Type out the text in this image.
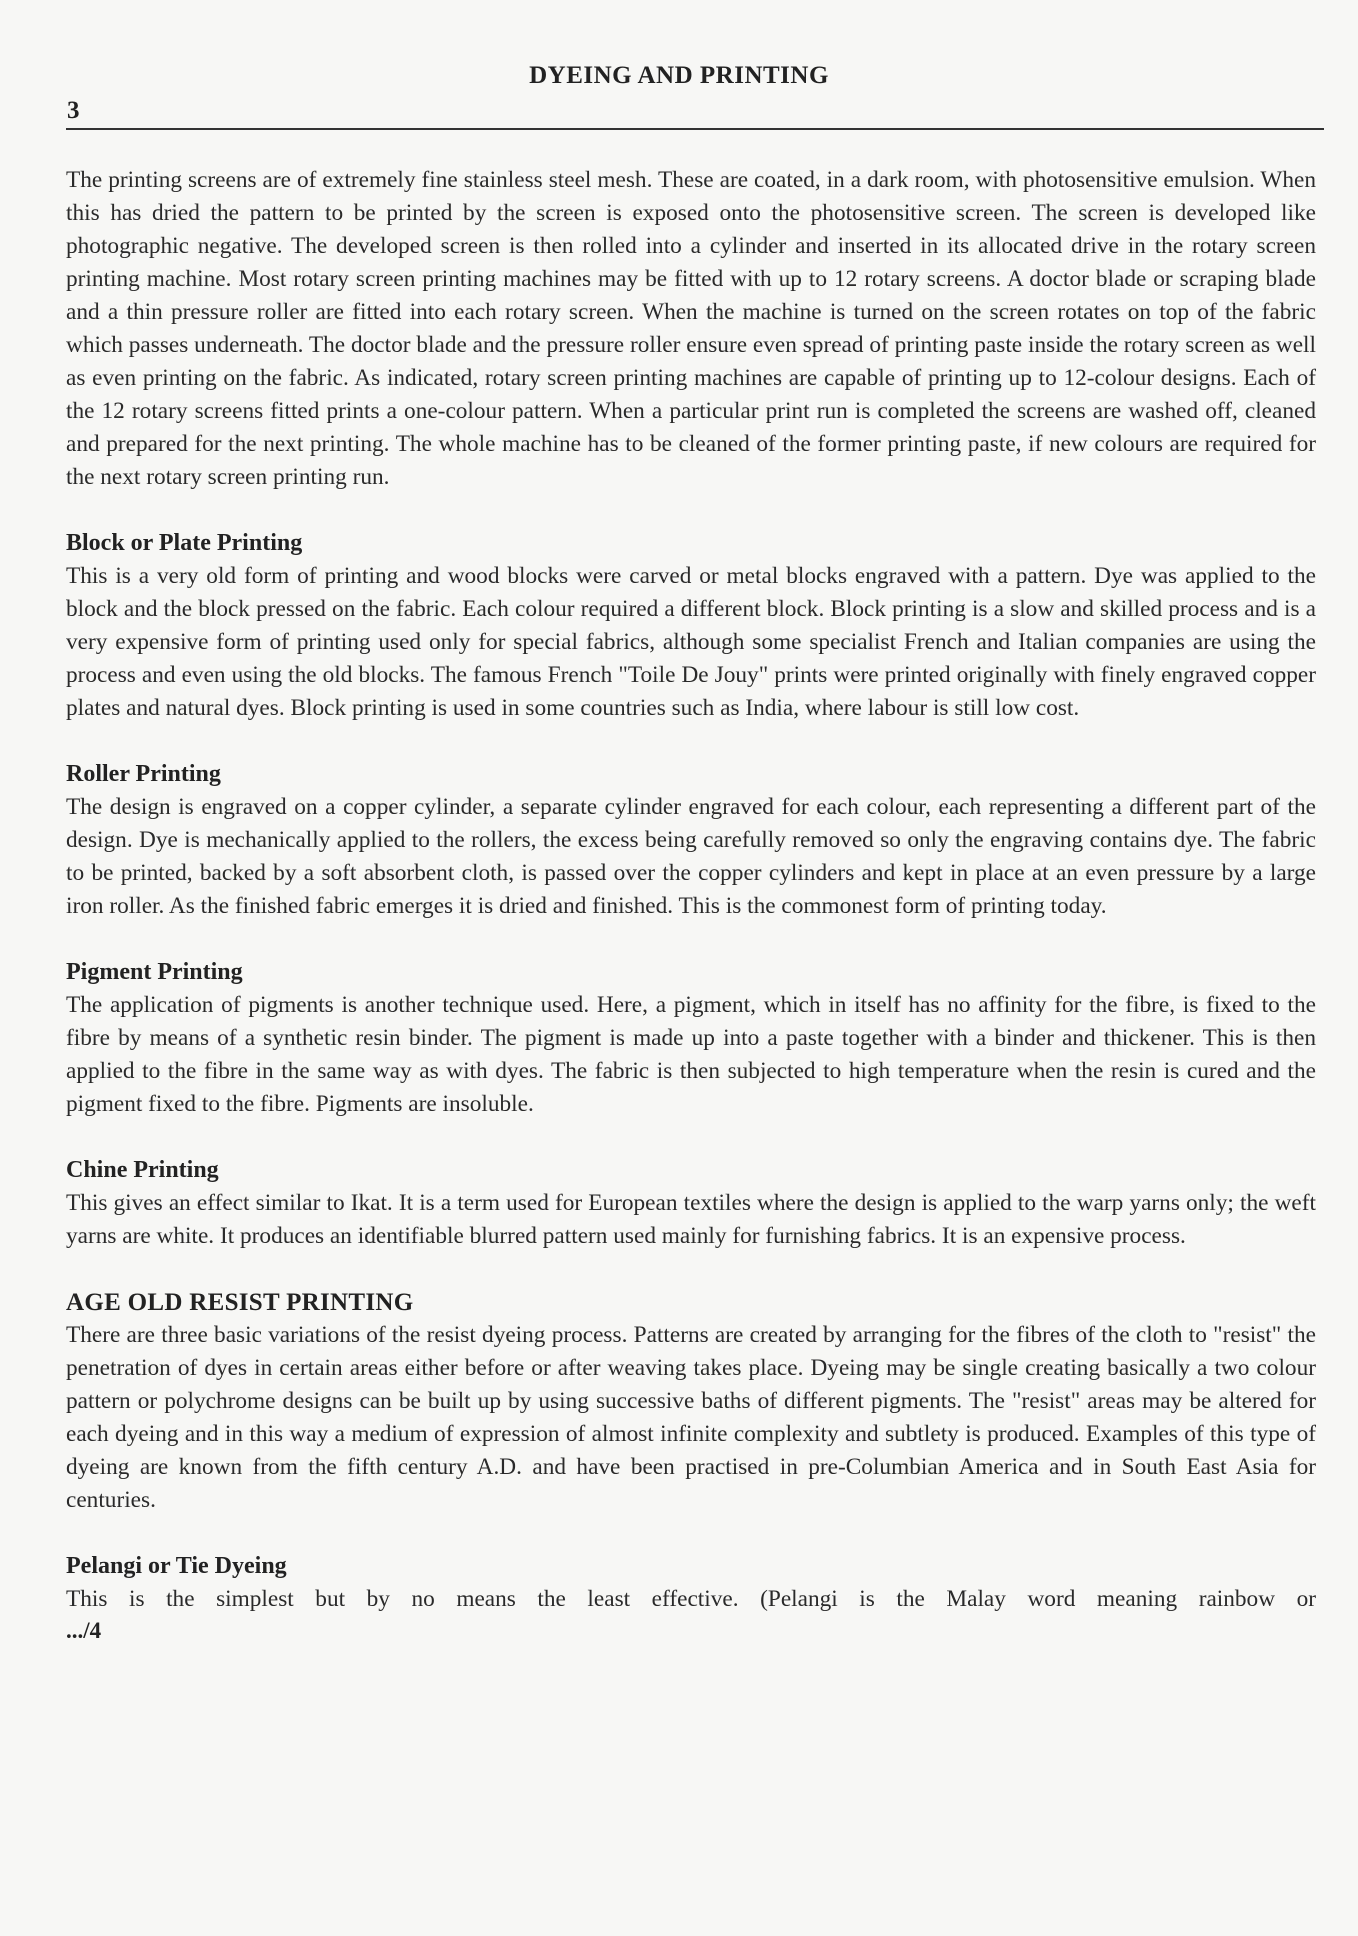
DYEING AND PRINTING
3

The printing screens are of extremely fine stainless steel mesh. These are coated, in a dark room, with photosensitive emulsion. When this has dried the pattern to be printed by the screen is exposed onto the photosensitive screen. The screen is developed like photographic negative. The developed screen is then rolled into a cylinder and inserted in its allocated drive in the rotary screen printing machine. Most rotary screen printing machines may be fitted with up to 12 rotary screens. A doctor blade or scraping blade and a thin pressure roller are fitted into each rotary screen. When the machine is turned on the screen rotates on top of the fabric which passes underneath. The doctor blade and the pressure roller ensure even spread of printing paste inside the rotary screen as well as even printing on the fabric. As indicated, rotary screen printing machines are capable of printing up to 12-colour designs. Each of the 12 rotary screens fitted prints a one-colour pattern. When a particular print run is completed the screens are washed off, cleaned and prepared for the next printing. The whole machine has to be cleaned of the former printing paste, if new colours are required for the next rotary screen printing run.

Block or Plate Printing

This is a very old form of printing and wood blocks were carved or metal blocks engraved with a pattern. Dye was applied to the block and the block pressed on the fabric. Each colour required a different block. Block printing is a slow and skilled process and is a very expensive form of printing used only for special fabrics, although some specialist French and Italian companies are using the process and even using the old blocks. The famous French "Toile De Jouy" prints were printed originally with finely engraved copper plates and natural dyes. Block printing is used in some countries such as India, where labour is still low cost.

Roller Printing

The design is engraved on a copper cylinder, a separate cylinder engraved for each colour, each representing a different part of the design. Dye is mechanically applied to the rollers, the excess being carefully removed so only the engraving contains dye. The fabric to be printed, backed by a soft absorbent cloth, is passed over the copper cylinders and kept in place at an even pressure by a large iron roller. As the finished fabric emerges it is dried and finished. This is the commonest form of printing today.

Pigment Printing

The application of pigments is another technique used. Here, a pigment, which in itself has no affinity for the fibre, is fixed to the fibre by means of a synthetic resin binder. The pigment is made up into a paste together with a binder and thickener. This is then applied to the fibre in the same way as with dyes. The fabric is then subjected to high temperature when the resin is cured and the pigment fixed to the fibre. Pigments are insoluble.

Chine Printing

This gives an effect similar to Ikat. It is a term used for European textiles where the design is applied to the warp yarns only; the weft yarns are white. It produces an identifiable blurred pattern used mainly for furnishing fabrics. It is an expensive process.

AGE OLD RESIST PRINTING

There are three basic variations of the resist dyeing process. Patterns are created by arranging for the fibres of the cloth to "resist" the penetration of dyes in certain areas either before or after weaving takes place. Dyeing may be single creating basically a two colour pattern or polychrome designs can be built up by using successive baths of different pigments. The "resist" areas may be altered for each dyeing and in this way a medium of expression of almost infinite complexity and subtlety is produced. Examples of this type of dyeing are known from the fifth century A.D. and have been practised in pre-Columbian America and in South East Asia for centuries.

Pelangi or Tie Dyeing

This is the simplest but by no means the least effective. (Pelangi is the Malay word meaning rainbow or

.../4
